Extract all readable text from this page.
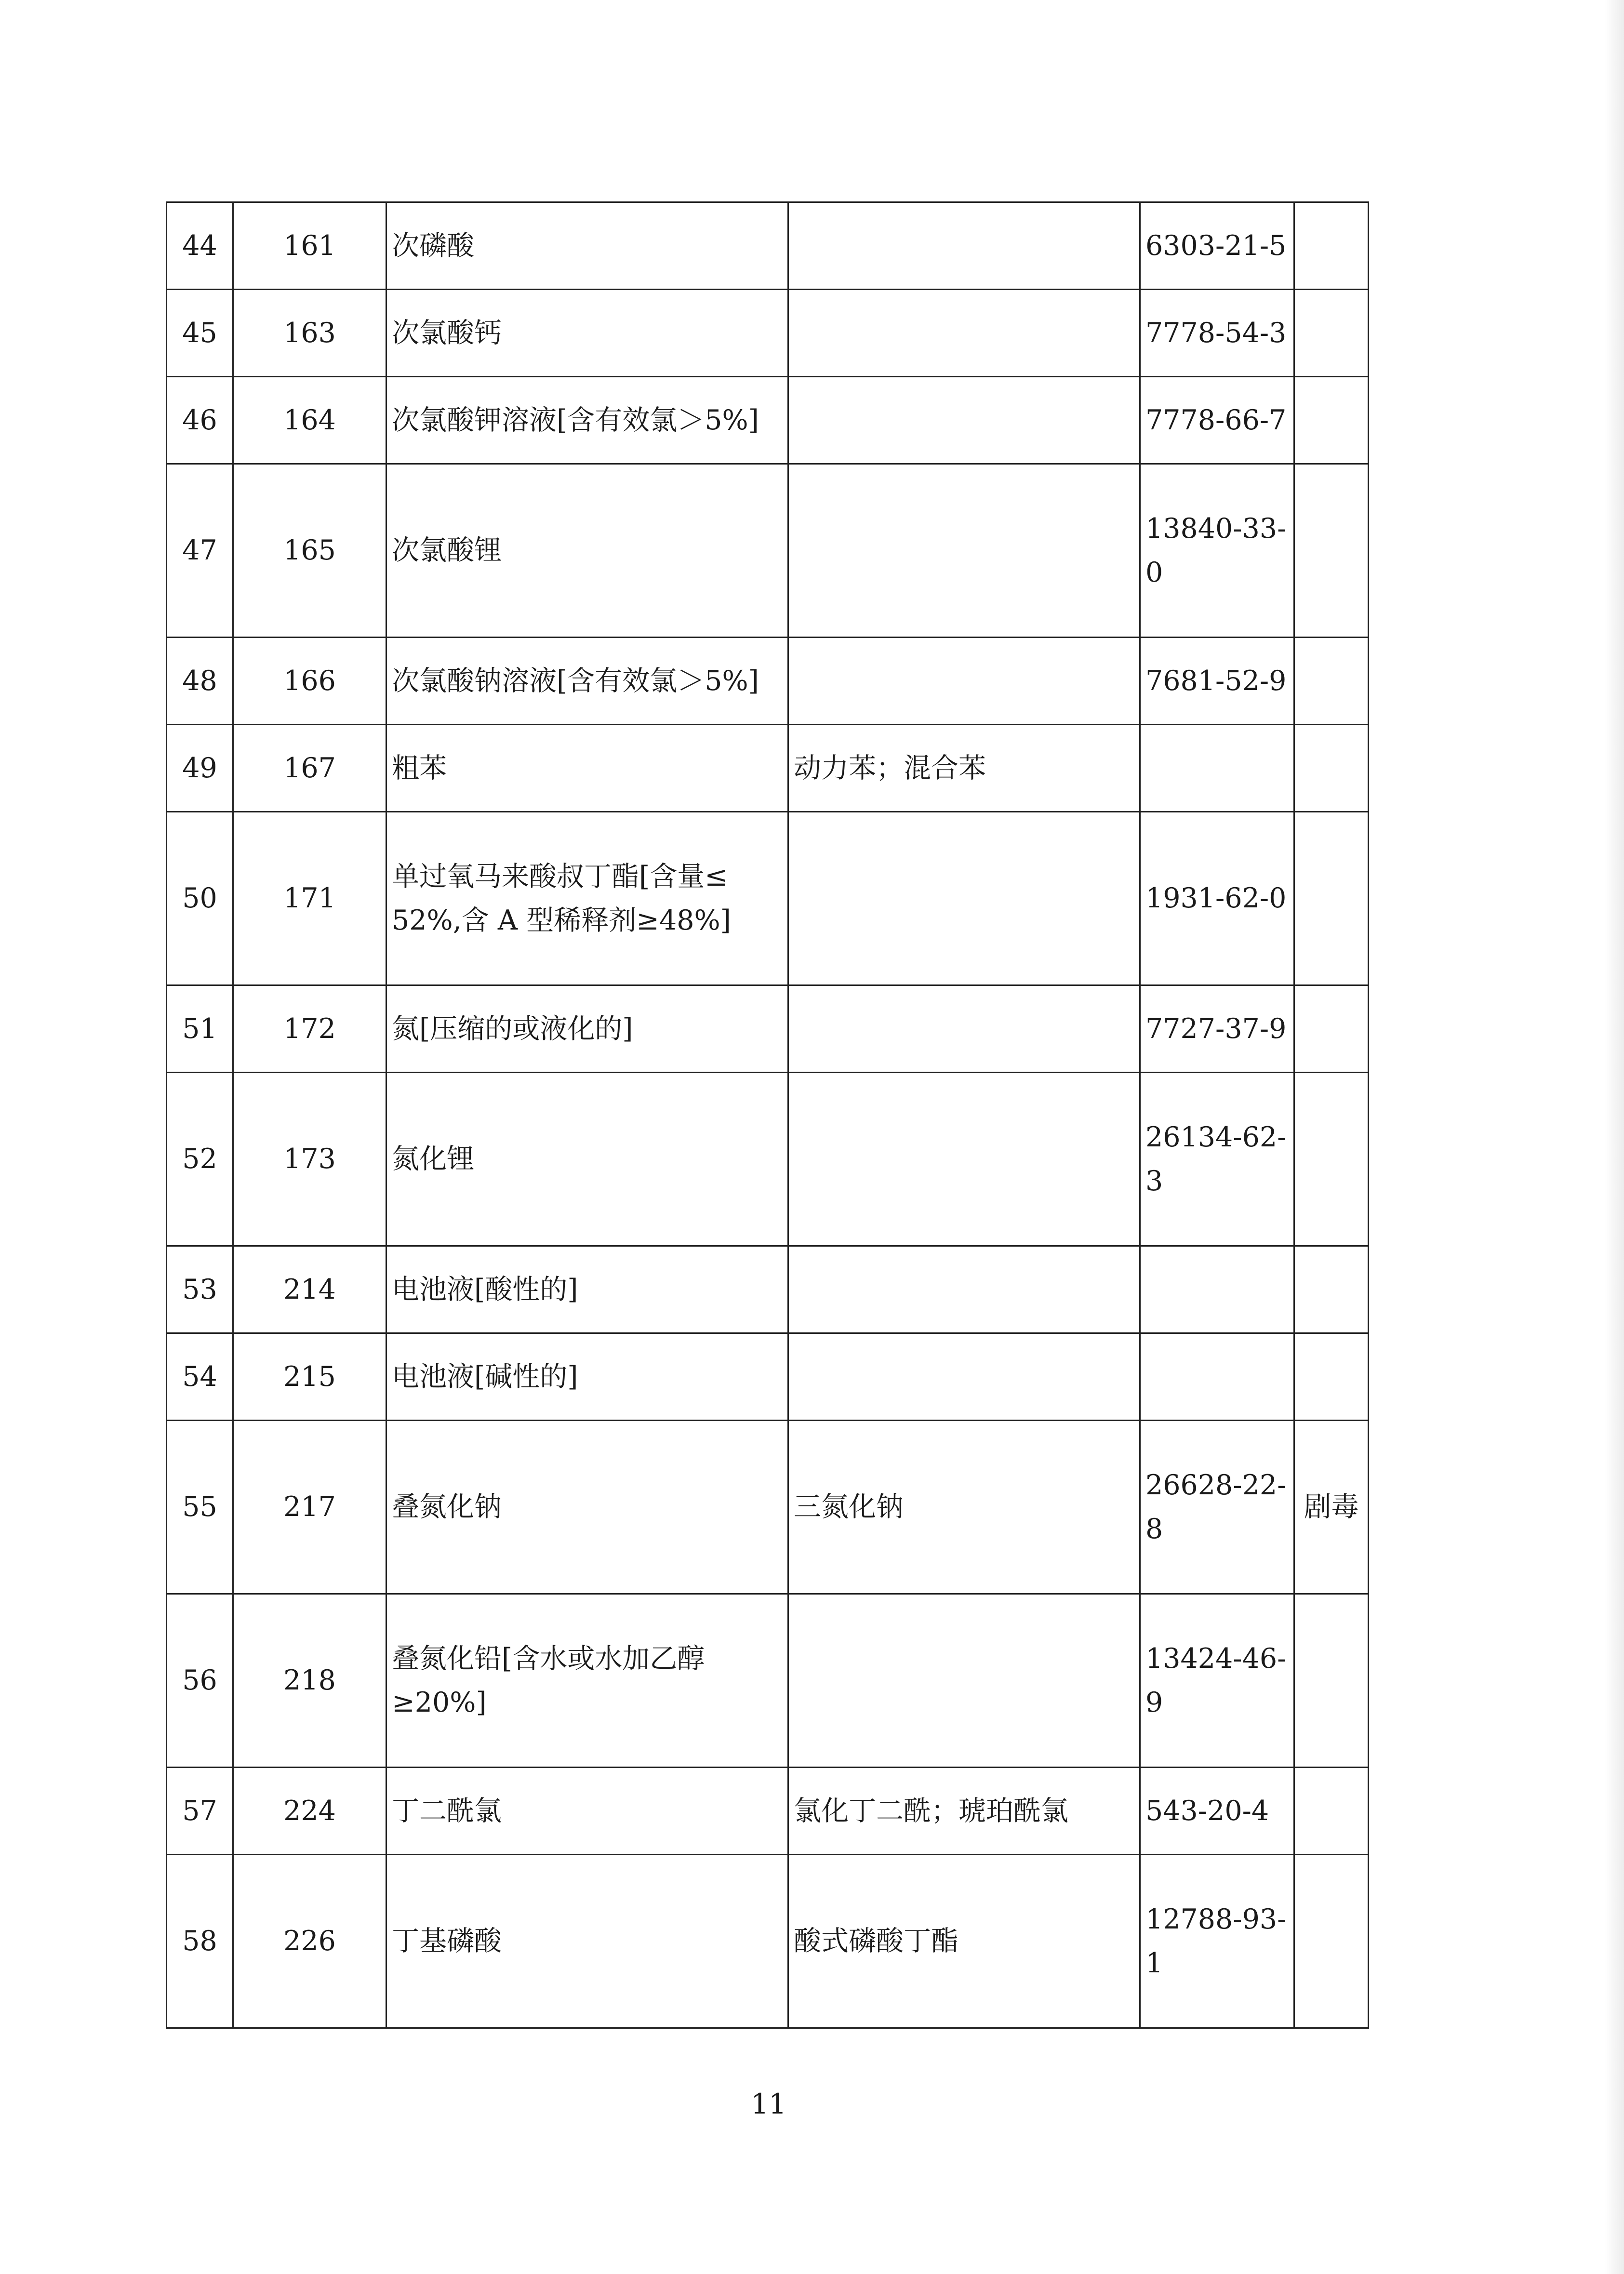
44	161	次磷酸		6303-21-5	

45	163	次氯酸钙		7778-54-3	

46	164	次氯酸钾溶液[含有效氯＞5%]		7778-66-7	

47	165	次氯酸锂		13840-33-
0	

48	166	次氯酸钠溶液[含有效氯＞5%]		7681-52-9	

49	167	粗苯	动力苯；混合苯		

50	171	单过氧马来酸叔丁酯[含量≤
52%,含 A 型稀释剂≥48%]		1931-62-0	

51	172	氮[压缩的或液化的]		7727-37-9	

52	173	氮化锂		26134-62-
3	

53	214	电池液[酸性的]			

54	215	电池液[碱性的]			

55	217	叠氮化钠	三氮化钠	26628-22-
8	剧毒
56	218	叠氮化铅[含水或水加乙醇≥20%]		13424-46-
9	

57	224	丁二酰氯	氯化丁二酰；琥珀酰氯	543-20-4	

58	226	丁基磷酸	酸式磷酸丁酯	12788-93-
1	

11
